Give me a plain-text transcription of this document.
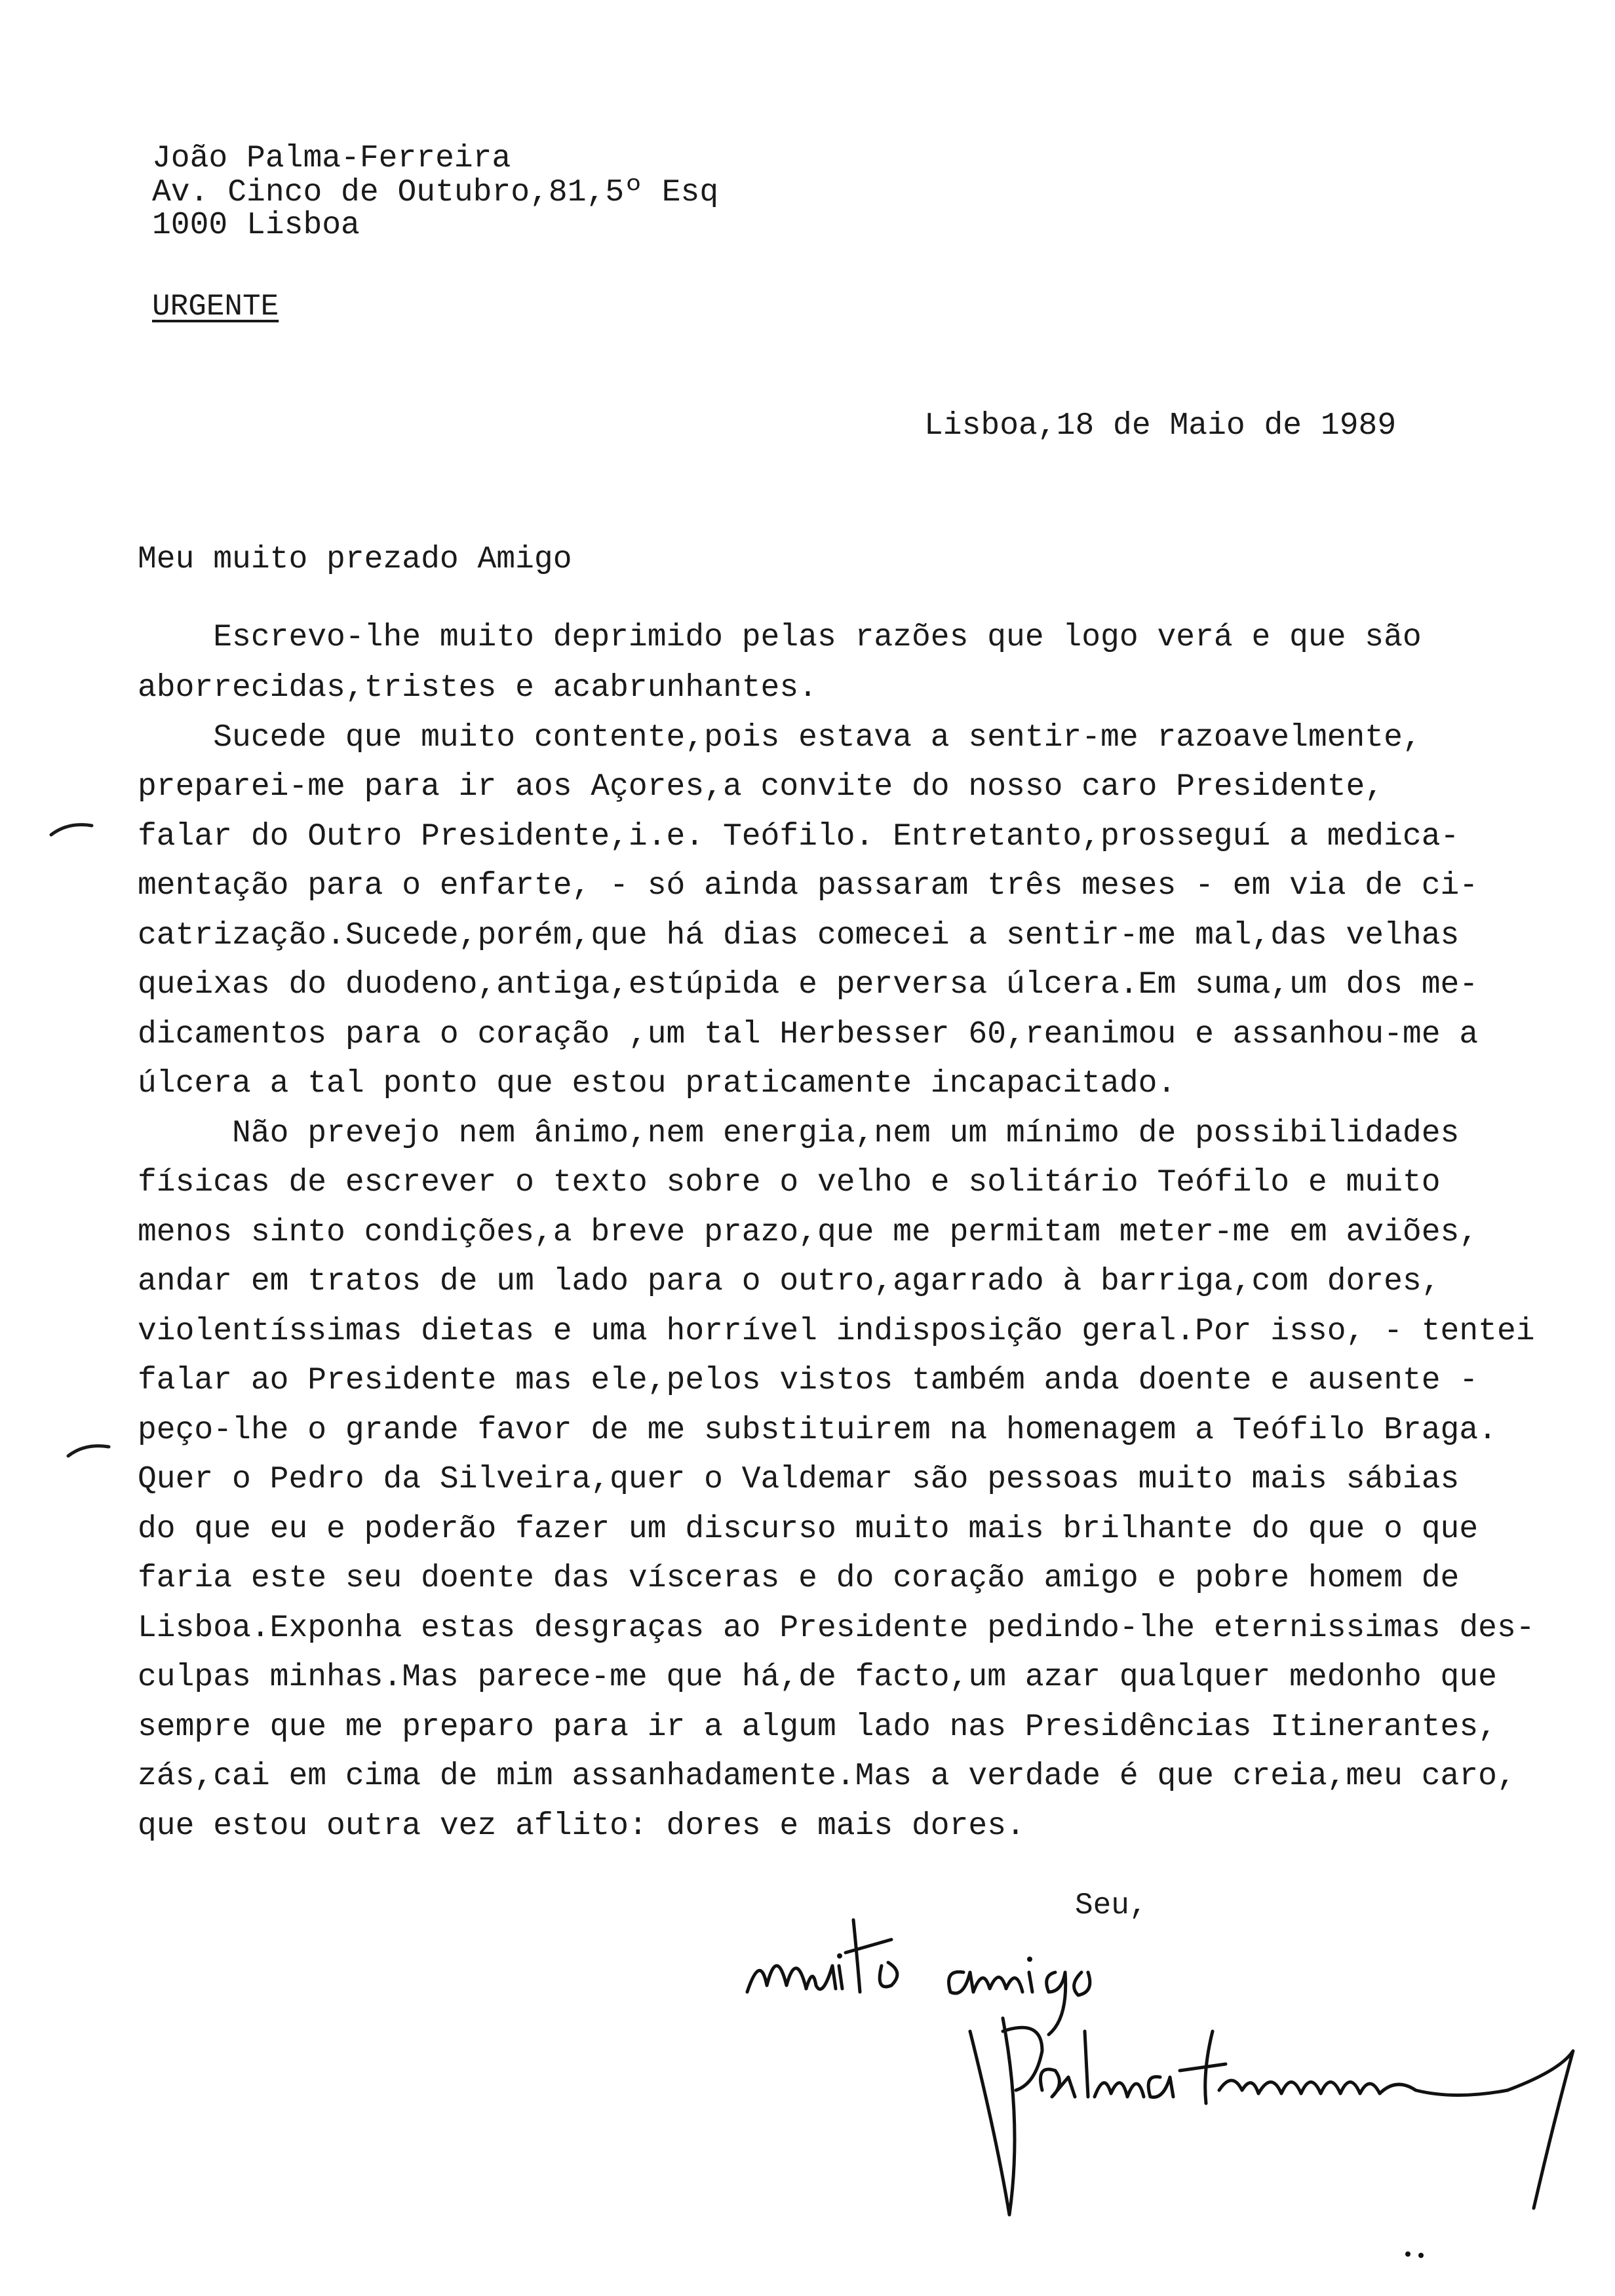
João Palma-Ferreira
Av. Cinco de Outubro,81,5º Esq
1000 Lisboa
URGENTE
Lisboa,18 de Maio de 1989
Meu muito prezado Amigo
Escrevo-lhe muito deprimido pelas razões que logo verá e que são
aborrecidas,tristes e acabrunhantes.
Sucede que muito contente,pois estava a sentir-me razoavelmente,
preparei-me para ir aos Açores,a convite do nosso caro Presidente,
falar do Outro Presidente,i.e. Teófilo. Entretanto,prosseguí a medica-
mentação para o enfarte, - só ainda passaram três meses - em via de ci-
catrização.Sucede,porém,que há dias comecei a sentir-me mal,das velhas
queixas do duodeno,antiga,estúpida e perversa úlcera.Em suma,um dos me-
dicamentos para o coração ,um tal Herbesser 60,reanimou e assanhou-me a
úlcera a tal ponto que estou praticamente incapacitado.
Não prevejo nem ânimo,nem energia,nem um mínimo de possibilidades
físicas de escrever o texto sobre o velho e solitário Teófilo e muito
menos sinto condições,a breve prazo,que me permitam meter-me em aviões,
andar em tratos de um lado para o outro,agarrado à barriga,com dores,
violentíssimas dietas e uma horrível indisposição geral.Por isso, - tentei
falar ao Presidente mas ele,pelos vistos também anda doente e ausente -
peço-lhe o grande favor de me substituirem na homenagem a Teófilo Braga.
Quer o Pedro da Silveira,quer o Valdemar são pessoas muito mais sábias
do que eu e poderão fazer um discurso muito mais brilhante do que o que
faria este seu doente das vísceras e do coração amigo e pobre homem de
Lisboa.Exponha estas desgraças ao Presidente pedindo-lhe eternissimas des-
culpas minhas.Mas parece-me que há,de facto,um azar qualquer medonho que
sempre que me preparo para ir a algum lado nas Presidências Itinerantes,
zás,cai em cima de mim assanhadamente.Mas a verdade é que creia,meu caro,
que estou outra vez aflito: dores e mais dores.
Seu,
